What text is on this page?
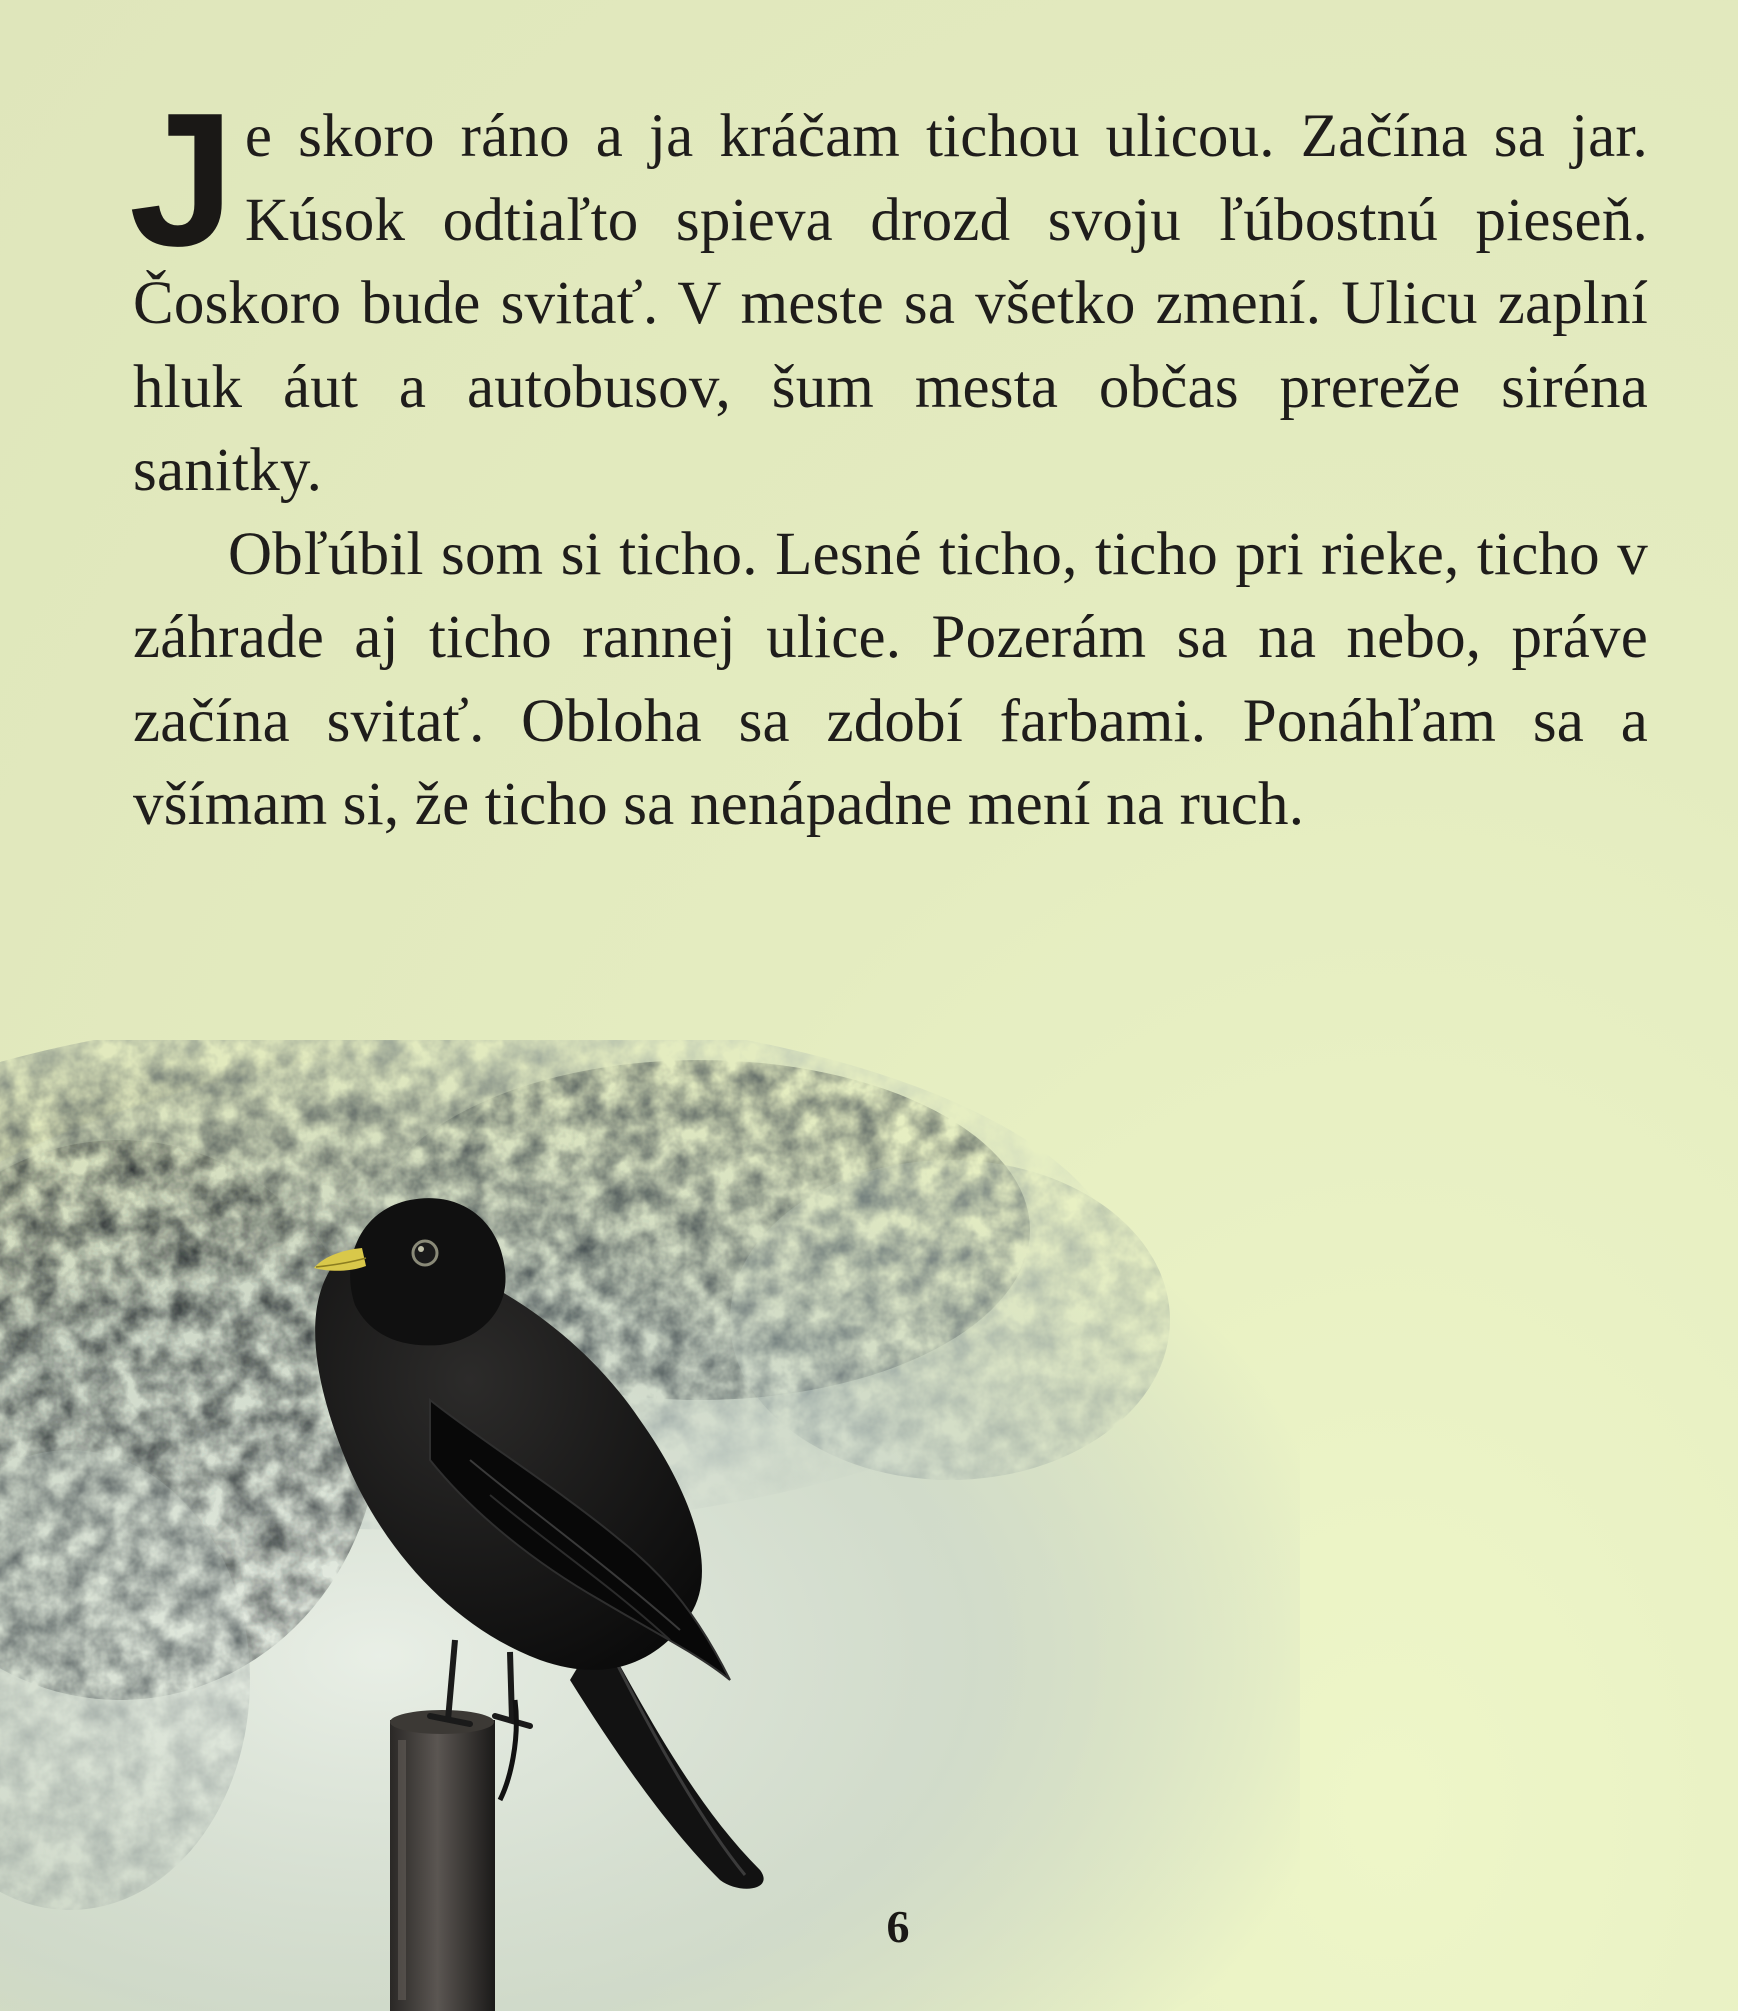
Je skoro ráno a ja kráčam tichou ulicou. Začína sa jar. Kúsok odtiaľto spieva drozd svoju ľúbostnú pieseň. Čoskoro bude svitať. V meste sa všetko zmení. Ulicu zaplní hluk áut a autobusov, šum mesta občas prereže siréna sanitky.

Obľúbil som si ticho. Lesné ticho, ticho pri rieke, ticho v záhrade aj ticho rannej ulice. Pozerám sa na nebo, práve začína svitať. Obloha sa zdobí farbami. Ponáhľam sa a všímam si, že ticho sa nenápadne mení na ruch.

6
